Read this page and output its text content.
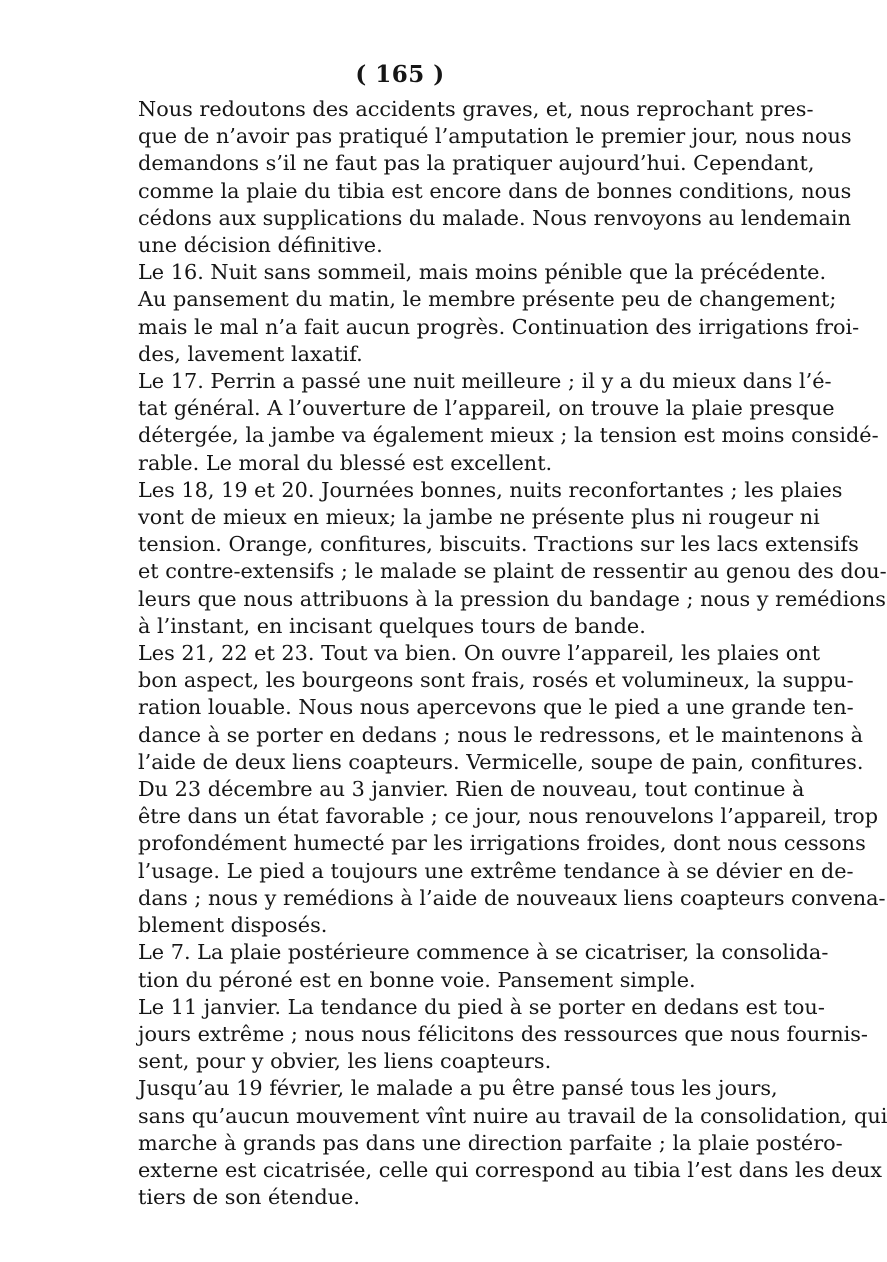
( 165 )

Nous redoutons des accidents graves, et, nous reprochant pres-
que de n’avoir pas pratiqué l’amputation le premier jour, nous nous
demandons s’il ne faut pas la pratiquer aujourd’hui. Cependant,
comme la plaie du tibia est encore dans de bonnes conditions, nous
cédons aux supplications du malade. Nous renvoyons au lendemain
une décision définitive.

Le 16. Nuit sans sommeil, mais moins pénible que la précédente.
Au pansement du matin, le membre présente peu de changement;
mais le mal n’a fait aucun progrès. Continuation des irrigations froi-
des, lavement laxatif.

Le 17. Perrin a passé une nuit meilleure ; il y a du mieux dans l’é-
tat général. A l’ouverture de l’appareil, on trouve la plaie presque
détergée, la jambe va également mieux ; la tension est moins considé-
rable. Le moral du blessé est excellent.

Les 18, 19 et 20. Journées bonnes, nuits reconfortantes ; les plaies
vont de mieux en mieux; la jambe ne présente plus ni rougeur ni
tension. Orange, confitures, biscuits. Tractions sur les lacs extensifs
et contre-extensifs ; le malade se plaint de ressentir au genou des dou-
leurs que nous attribuons à la pression du bandage ; nous y remédions
à l’instant, en incisant quelques tours de bande.

Les 21, 22 et 23. Tout va bien. On ouvre l’appareil, les plaies ont
bon aspect, les bourgeons sont frais, rosés et volumineux, la suppu-
ration louable. Nous nous apercevons que le pied a une grande ten-
dance à se porter en dedans ; nous le redressons, et le maintenons à
l’aide de deux liens coapteurs. Vermicelle, soupe de pain, confitures.

Du 23 décembre au 3 janvier. Rien de nouveau, tout continue à
être dans un état favorable ; ce jour, nous renouvelons l’appareil, trop
profondément humecté par les irrigations froides, dont nous cessons
l’usage. Le pied a toujours une extrême tendance à se dévier en de-
dans ; nous y remédions à l’aide de nouveaux liens coapteurs convena-
blement disposés.

Le 7. La plaie postérieure commence à se cicatriser, la consolida-
tion du péroné est en bonne voie. Pansement simple.

Le 11 janvier. La tendance du pied à se porter en dedans est tou-
jours extrême ; nous nous félicitons des ressources que nous fournis-
sent, pour y obvier, les liens coapteurs.

Jusqu’au 19 février, le malade a pu être pansé tous les jours,
sans qu’aucun mouvement vînt nuire au travail de la consolidation, qui
marche à grands pas dans une direction parfaite ; la plaie postéro-
externe est cicatrisée, celle qui correspond au tibia l’est dans les deux
tiers de son étendue.
